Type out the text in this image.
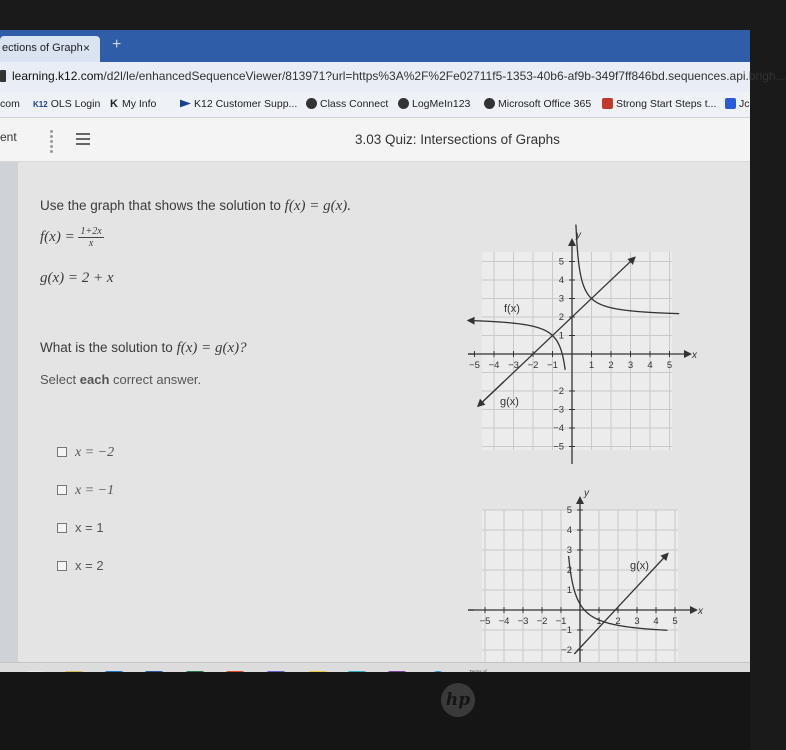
ections of Graph × +
learning.k12.com/d2l/le/enhancedSequenceViewer/813971?url=https%3A%2F%2Fe02711f5-1353-40b6-af9b-349f7ff846bd.sequences.api.brigh...
com K12 OLS Login K My Info	K12 Customer Supp...	Class Connect	LogMeIn123	Microsoft Office 365	Strong Start Steps t...	Jc
ent	3.03 Quiz: Intersections of Graphs
Use the graph that shows the solution to f(x) = g(x).
$f(x) = \frac{1+2x}{x}$
g(x) = 2 + x
What is the solution to f(x) = g(x)?
Select each correct answer.
x = −2
x = −1
x = 1
x = 2
x
y
−5 −4 −3 −2 −1	1 2 3 4 5
5
4
3
2
1
−2
−3
−4
−5
f(x)
g(x)
x
y
−5 −4 −3 −2 −1	1 2 3 4 5
5
4
3
2
1
−1
−2
g(x)
hp
